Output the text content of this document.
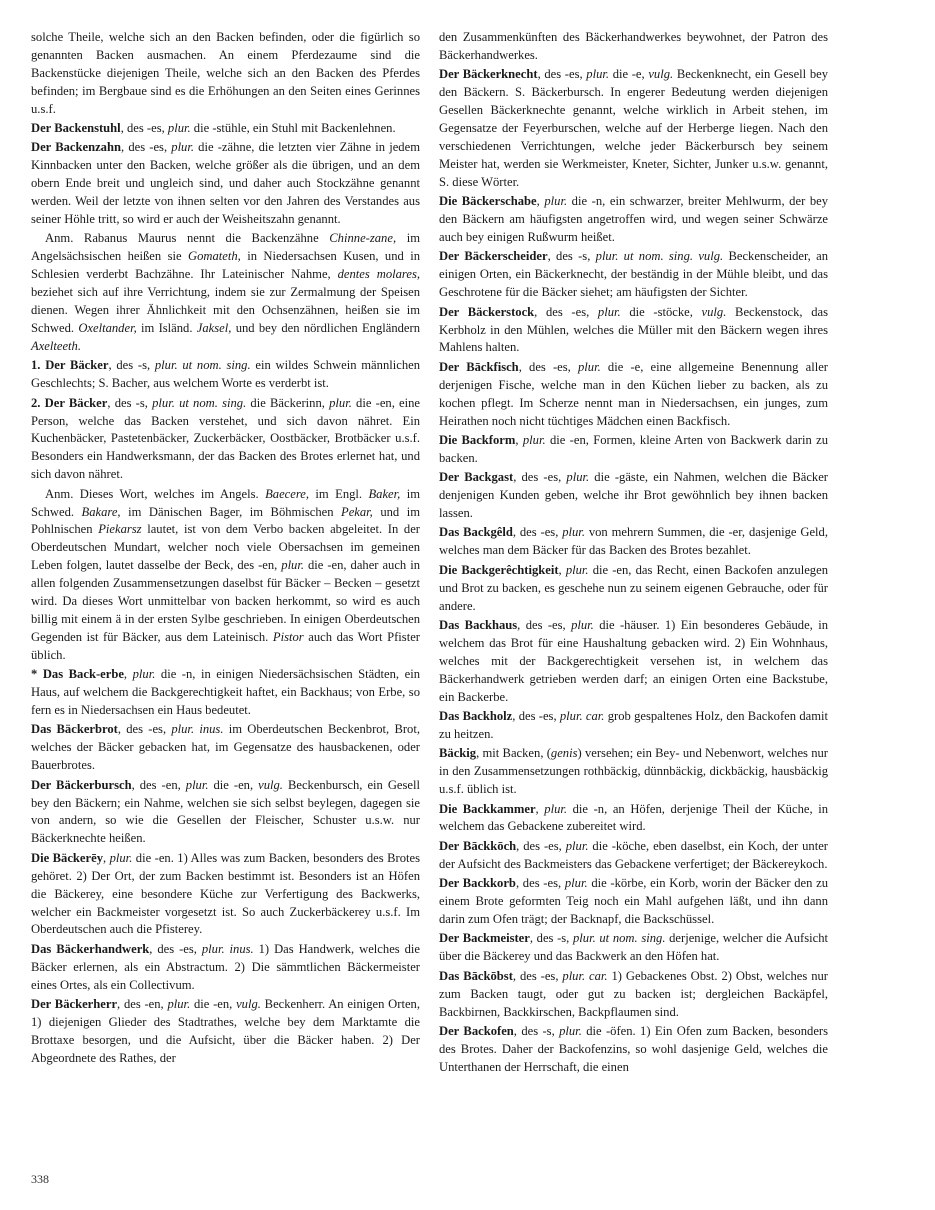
solche Theile, welche sich an den Backen befinden, oder die figürlich so genannten Backen ausmachen. An einem Pferdezaume sind die Backenstücke diejenigen Theile, welche sich an den Backen des Pferdes befinden; im Bergbaue sind es die Erhöhungen an den Seiten eines Gerinnes u.s.f.

Der Backenstuhl, des -es, plur. die -stühle, ein Stuhl mit Backenlehnen.

Der Backenzahn, des -es, plur. die -zähne, die letzten vier Zähne in jedem Kinnbacken unter den Backen, welche größer als die übrigen, und an dem obern Ende breit und ungleich sind, und daher auch Stockzähne genannt werden. Weil der letzte von ihnen selten vor den Jahren des Verstandes aus seiner Höhle tritt, so wird er auch der Weisheitszahn genannt.

Anm. Rabanus Maurus nennt die Backenzähne Chinne-zane, im Angelsächsischen heißen sie Gomateth, in Niedersachsen Kusen, und in Schlesien verderbt Bachzähne. Ihr Lateinischer Nahme, dentes molares, beziehet sich auf ihre Verrichtung, indem sie zur Zermalmung der Speisen dienen. Wegen ihrer Ähnlichkeit mit den Ochsenzähnen, heißen sie im Schwed. Oxeltander, im Isländ. Jaksel, und bey den nördlichen Engländern Axelteeth.

1. Der Bäcker, des -s, plur. ut nom. sing. ein wildes Schwein männlichen Geschlechts; S. Bacher, aus welchem Worte es verderbt ist.

2. Der Bäcker, des -s, plur. ut nom. sing. die Bäckerinn, plur. die -en, eine Person, welche das Backen verstehet, und sich davon nähret. Ein Kuchenbäcker, Pastetenbäcker, Zuckerbäcker, Oostbäcker, Brotbäcker u.s.f. Besonders ein Handwerksmann, der das Backen des Brotes erlernet hat, und sich davon nähret.

Anm. Dieses Wort, welches im Angels. Baecere, im Engl. Baker, im Schwed. Bakare, im Dänischen Bager, im Böhmischen Pekar, und im Pohlnischen Piekarsz lautet, ist von dem Verbo backen abgeleitet. In der Oberdeutschen Mundart, welcher noch viele Obersachsen im gemeinen Leben folgen, lautet dasselbe der Beck, des -en, plur. die -en, daher auch in allen folgenden Zusammensetzungen daselbst für Bäcker – Becken – gesetzt wird. Da dieses Wort unmittelbar von backen herkommt, so wird es auch billig mit einem ä in der ersten Sylbe geschrieben. In einigen Oberdeutschen Gegenden ist für Bäcker, aus dem Lateinisch. Pistor auch das Wort Pfister üblich.

* Das Back-erbe, plur. die -n, in einigen Niedersächsischen Städten, ein Haus, auf welchem die Backgerechtigkeit haftet, ein Backhaus; von Erbe, so fern es in Niedersachsen ein Haus bedeutet.

Das Bäckerbrot, des -es, plur. inus. im Oberdeutschen Beckenbrot, Brot, welches der Bäcker gebacken hat, im Gegensatze des hausbackenen, oder Bauerbrotes.

Der Bäckerbursch, des -en, plur. die -en, vulg. Beckenbursch, ein Gesell bey den Bäckern; ein Nahme, welchen sie sich selbst beylegen, dagegen sie von andern, so wie die Gesellen der Fleischer, Schuster u.s.w. nur Bäckerknechte heißen.

Die Bäckerēy, plur. die -en. 1) Alles was zum Backen, besonders des Brotes gehöret. 2) Der Ort, der zum Backen bestimmt ist. Besonders ist an Höfen die Bäckerey, eine besondere Küche zur Verfertigung des Backwerks, welcher ein Backmeister vorgesetzt ist. So auch Zuckerbäckerey u.s.f. Im Oberdeutschen auch die Pfisterey.

Das Bäckerhandwerk, des -es, plur. inus. 1) Das Handwerk, welches die Bäcker erlernen, als ein Abstractum. 2) Die sämmtlichen Bäckermeister eines Ortes, als ein Collectivum.

Der Bäckerherr, des -en, plur. die -en, vulg. Beckenherr. An einigen Orten, 1) diejenigen Glieder des Stadtrathes, welche bey dem Marktamte die Brottaxe besorgen, und die Aufsicht, über die Bäcker haben. 2) Der Abgeordnete des Rathes, der

den Zusammenkünften des Bäckerhandwerkes beywohnet, der Patron des Bäckerhandwerkes.

Der Bäckerknecht, des -es, plur. die -e, vulg. Beckenknecht, ein Gesell bey den Bäckern. S. Bäckerbursch. In engerer Bedeutung werden diejenigen Gesellen Bäckerknechte genannt, welche wirklich in Arbeit stehen, im Gegensatze der Feyerburschen, welche auf der Herberge liegen. Nach den verschiedenen Verrichtungen, welche jeder Bäckerbursch bey seinem Meister hat, werden sie Werkmeister, Kneter, Sichter, Junker u.s.w. genannt, S. diese Wörter.

Die Bäckerschabe, plur. die -n, ein schwarzer, breiter Mehlwurm, der bey den Bäckern am häufigsten angetroffen wird, und wegen seiner Schwärze auch bey einigen Rußwurm heißet.

Der Bäckerscheider, des -s, plur. ut nom. sing. vulg. Beckenscheider, an einigen Orten, ein Bäckerknecht, der beständig in der Mühle bleibt, und das Geschrotene für die Bäcker siehet; am häufigsten der Sichter.

Der Bäckerstock, des -es, plur. die -stöcke, vulg. Beckenstock, das Kerbholz in den Mühlen, welches die Müller mit den Bäckern wegen ihres Mahlens halten.

Der Bāckfisch, des -es, plur. die -e, eine allgemeine Benennung aller derjenigen Fische, welche man in den Küchen lieber zu backen, als zu kochen pflegt. Im Scherze nennt man in Niedersachsen, ein junges, zum Heirathen noch nicht tüchtiges Mädchen einen Backfisch.

Die Backform, plur. die -en, Formen, kleine Arten von Backwerk darin zu backen.

Der Backgast, des -es, plur. die -gäste, ein Nahmen, welchen die Bäcker denjenigen Kunden geben, welche ihr Brot gewöhnlich bey ihnen backen lassen.

Das Backgêld, des -es, plur. von mehrern Summen, die -er, dasjenige Geld, welches man dem Bäcker für das Backen des Brotes bezahlet.

Die Backgerêchtigkeit, plur. die -en, das Recht, einen Backofen anzulegen und Brot zu backen, es geschehe nun zu seinem eigenen Gebrauche, oder für andere.

Das Backhaus, des -es, plur. die -häuser. 1) Ein besonderes Gebäude, in welchem das Brot für eine Haushaltung gebacken wird. 2) Ein Wohnhaus, welches mit der Backgerechtigkeit versehen ist, in welchem das Bäckerhandwerk getrieben werden darf; an einigen Orten eine Backstube, ein Backerbe.

Das Backholz, des -es, plur. car. grob gespaltenes Holz, den Backofen damit zu heitzen.

Bäckig, mit Backen, (genis) versehen; ein Bey- und Nebenwort, welches nur in den Zusammensetzungen rothbäckig, dünnbäckig, dickbäckig, hausbäckig u.s.f. üblich ist.

Die Backkammer, plur. die -n, an Höfen, derjenige Theil der Küche, in welchem das Gebackene zubereitet wird.

Der Bāckkōch, des -es, plur. die -köche, eben daselbst, ein Koch, der unter der Aufsicht des Backmeisters das Gebackene verfertiget; der Bäckereykoch.

Der Backkorb, des -es, plur. die -körbe, ein Korb, worin der Bäcker den zu einem Brote geformten Teig noch ein Mahl aufgehen läßt, und ihn dann darin zum Ofen trägt; der Backnapf, die Backschüssel.

Der Backmeister, des -s, plur. ut nom. sing. derjenige, welcher die Aufsicht über die Bäckerey und das Backwerk an den Höfen hat.

Das Bāckōbst, des -es, plur. car. 1) Gebackenes Obst. 2) Obst, welches nur zum Backen taugt, oder gut zu backen ist; dergleichen Backäpfel, Backbirnen, Backkirschen, Backpflaumen sind.

Der Backofen, des -s, plur. die -öfen. 1) Ein Ofen zum Backen, besonders des Brotes. Daher der Backofenzins, so wohl dasjenige Geld, welches die Unterthanen der Herrschaft, die einen

338
